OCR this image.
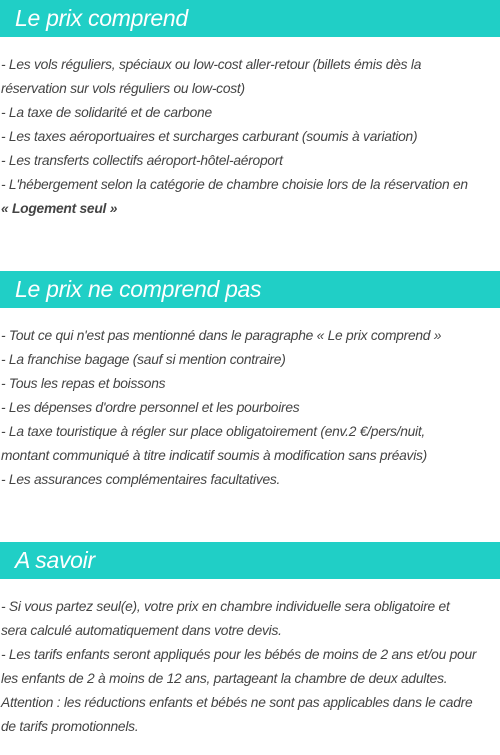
Le prix comprend
- Les vols réguliers, spéciaux ou low-cost aller-retour (billets émis dès la
réservation sur vols réguliers ou low-cost)
- La taxe de solidarité et de carbone
- Les taxes aéroportuaires et surcharges carburant (soumis à variation)
- Les transferts collectifs aéroport-hôtel-aéroport
- L'hébergement selon la catégorie de chambre choisie lors de la réservation en
« Logement seul »
Le prix ne comprend pas
- Tout ce qui n'est pas mentionné dans le paragraphe « Le prix comprend »
- La franchise bagage (sauf si mention contraire)
- Tous les repas et boissons
- Les dépenses d'ordre personnel et les pourboires
- La taxe touristique à régler sur place obligatoirement (env.2 €/pers/nuit,
montant communiqué à titre indicatif soumis à modification sans préavis)
- Les assurances complémentaires facultatives.
A savoir
- Si vous partez seul(e), votre prix en chambre individuelle sera obligatoire et
sera calculé automatiquement dans votre devis.
- Les tarifs enfants seront appliqués pour les bébés de moins de 2 ans et/ou pour
les enfants de 2 à moins de 12 ans, partageant la chambre de deux adultes.
Attention : les réductions enfants et bébés ne sont pas applicables dans le cadre
de tarifs promotionnels.
